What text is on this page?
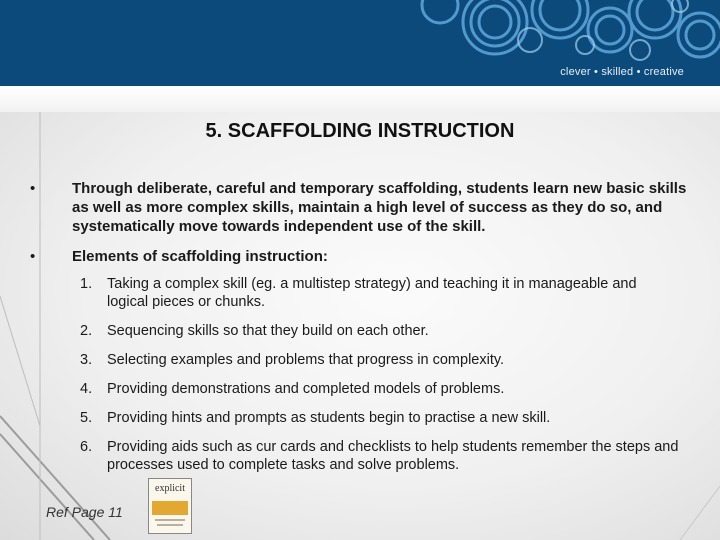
clever • skilled • creative
5. SCAFFOLDING INSTRUCTION
• Through deliberate, careful and temporary scaffolding, students learn new basic skills as well as more complex skills, maintain a high level of success as they do so, and systematically move towards independent use of the skill.
• Elements of scaffolding instruction:
1. Taking a complex skill (eg. a multistep strategy) and teaching it in manageable and logical pieces or chunks.
2. Sequencing skills so that they build on each other.
3. Selecting examples and problems that progress in complexity.
4. Providing demonstrations and completed models of problems.
5. Providing hints and prompts as students begin to practise a new skill.
6. Providing aids such as cur cards and checklists to help students remember the steps and processes used to complete tasks and solve problems.
explicit
Ref Page 11
